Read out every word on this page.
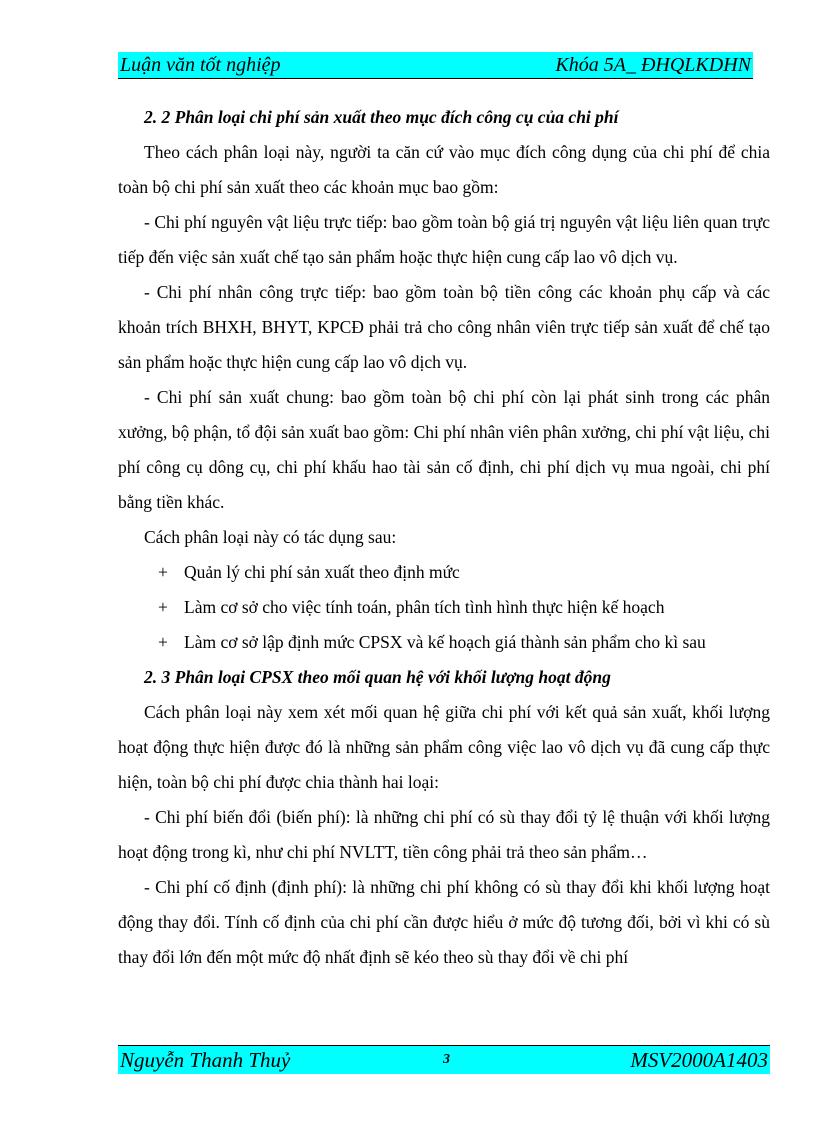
Luận văn tốt nghiệp	Khóa 5A_ ĐHQLKDHN

2. 2 Phân loại chi phí sản xuất theo mục đích công cụ của chi phí

Theo cách phân loại này, người ta căn cứ vào mục đích công dụng của chi phí để chia toàn bộ chi phí sản xuất theo các khoản mục bao gồm:

- Chi phí nguyên vật liệu trực tiếp: bao gồm toàn bộ giá trị nguyên vật liệu liên quan trực tiếp đến việc sản xuất chế tạo sản phẩm hoặc thực hiện cung cấp lao vô dịch vụ.

- Chi phí nhân công trực tiếp: bao gồm toàn bộ tiền công các khoản phụ cấp và các khoản trích BHXH, BHYT, KPCĐ phải trả cho công nhân viên trực tiếp sản xuất để chế tạo sản phẩm hoặc thực hiện cung cấp lao vô dịch vụ.

- Chi phí sản xuất chung: bao gồm toàn bộ chi phí còn lại phát sinh trong các phân xưởng, bộ phận, tổ đội sản xuất bao gồm: Chi phí nhân viên phân xưởng, chi phí vật liệu, chi phí công cụ dông cụ, chi phí khấu hao tài sản cố định, chi phí dịch vụ mua ngoài, chi phí bằng tiền khác.

Cách phân loại này có tác dụng sau:

+ Quản lý chi phí sản xuất theo định mức

+ Làm cơ sở cho việc tính toán, phân tích tình hình thực hiện kế hoạch

+ Làm cơ sở lập định mức CPSX và kế hoạch giá thành sản phẩm cho kì sau

2. 3 Phân loại CPSX theo mối quan hệ với khối lượng hoạt động

Cách phân loại này xem xét mối quan hệ giữa chi phí với kết quả sản xuất, khối lượng hoạt động thực hiện được đó là những sản phẩm công việc lao vô dịch vụ đã cung cấp thực hiện, toàn bộ chi phí được chia thành hai loại:

- Chi phí biến đổi (biến phí): là những chi phí có sù thay đổi tỷ lệ thuận với khối lượng hoạt động trong kì, như chi phí NVLTT, tiền công phải trả theo sản phẩm…

- Chi phí cố định (định phí): là những chi phí không có sù thay đổi khi khối lượng hoạt động thay đổi. Tính cố định của chi phí cần được hiểu ở mức độ tương đối, bởi vì khi có sù thay đổi lớn đến một mức độ nhất định sẽ kéo theo sù thay đổi về chi phí

Nguyễn Thanh Thuỷ	3	MSV2000A1403
